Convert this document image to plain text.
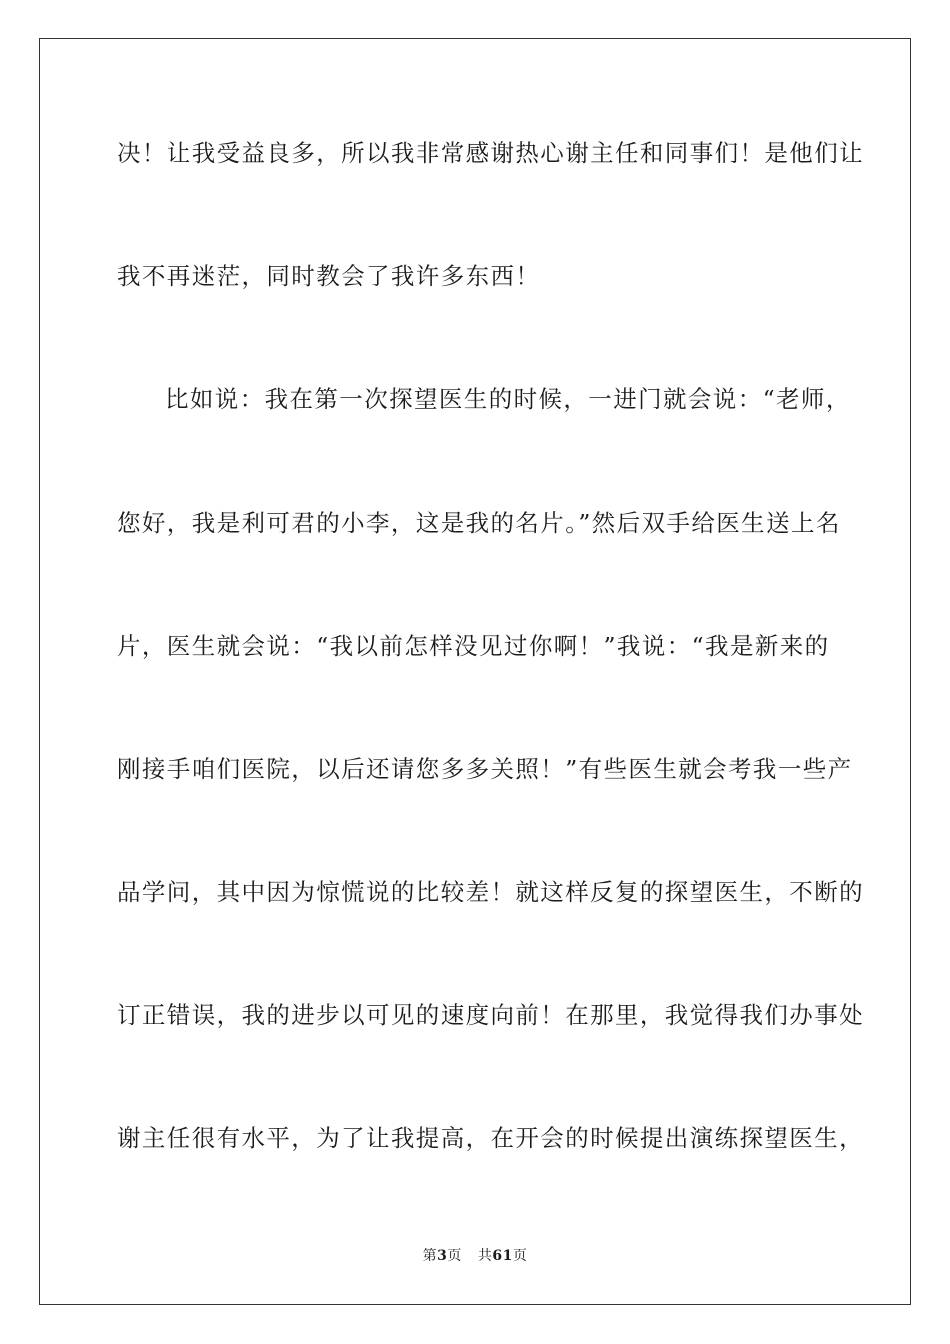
决！让我受益良多，所以我非常感谢热心谢主任和同事们！是他们让
我不再迷茫，同时教会了我许多东西！
比如说：我在第一次探望医生的时候，一进门就会说：“老师，
您好，我是利可君的小李，这是我的名片。”然后双手给医生送上名
片，医生就会说：“我以前怎样没见过你啊！”我说：“我是新来的
刚接手咱们医院，以后还请您多多关照！”有些医生就会考我一些产
品学问，其中因为惊慌说的比较差！就这样反复的探望医生，不断的
订正错误，我的进步以可见的速度向前！在那里，我觉得我们办事处
谢主任很有水平，为了让我提高，在开会的时候提出演练探望医生，
第3页 共61页
